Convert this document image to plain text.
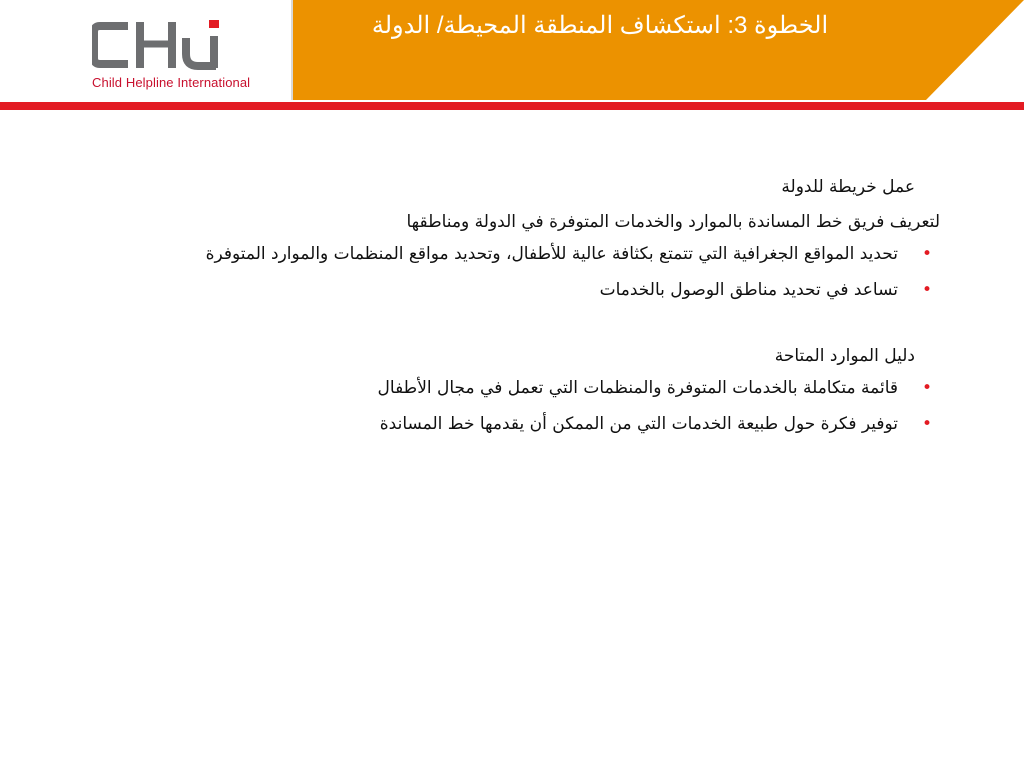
Child Helpline International
الخطوة 3: استكشاف المنطقة المحيطة/ الدولة

عمل خريطة للدولة

لتعريف فريق خط المساندة بالموارد والخدمات المتوفرة في الدولة ومناطقها

• تحديد المواقع الجغرافية التي تتمتع بكثافة عالية للأطفال، وتحديد مواقع المنظمات والموارد المتوفرة
• تساعد في تحديد مناطق الوصول بالخدمات

دليل الموارد المتاحة

• قائمة متكاملة بالخدمات المتوفرة والمنظمات التي تعمل في مجال الأطفال
• توفير فكرة حول طبيعة الخدمات التي من الممكن أن يقدمها خط المساندة
